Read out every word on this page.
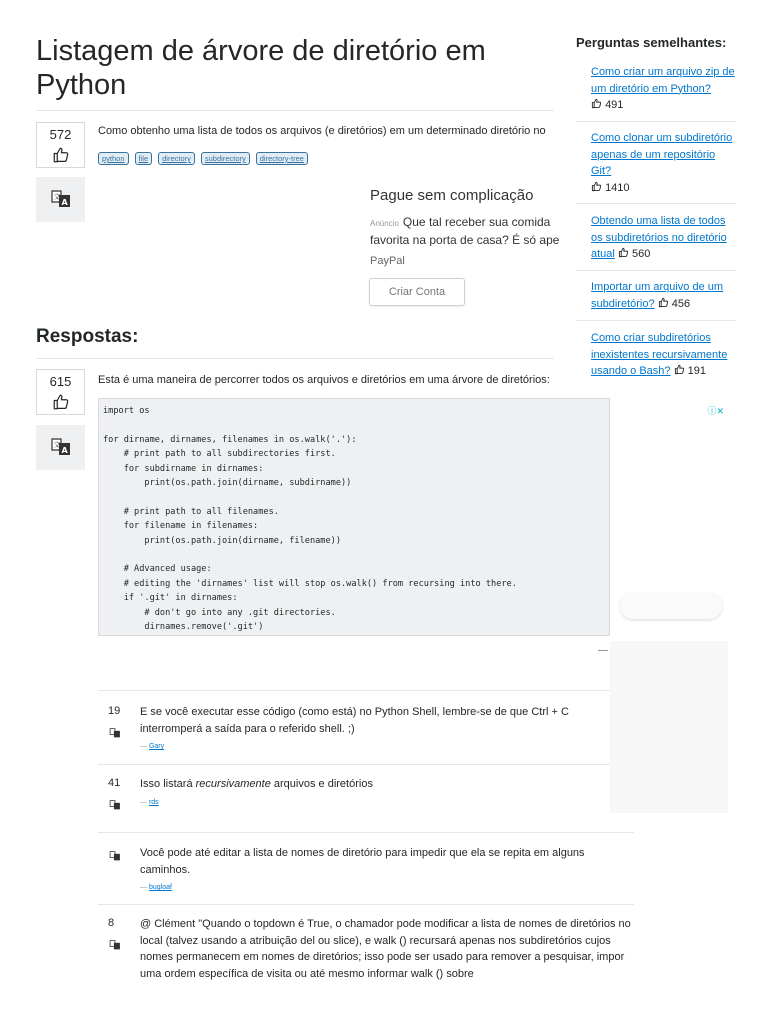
Listagem de árvore de diretório em Python
572
文
A
Como obtenho uma lista de todos os arquivos (e diretórios) em um determinado diretório no
python	file	directory	subdirectory	directory-tree
Pague sem complicação
Anúncio Que tal receber sua comida favorita na porta de casa? É só ape
PayPal
Criar Conta
Respostas:
615
文
A
Esta é uma maneira de percorrer todos os arquivos e diretórios em uma árvore de diretórios:
import os

for dirname, dirnames, filenames in os.walk('.'):
# print path to all subdirectories first.
for subdirname in dirnames:
print(os.path.join(dirname, subdirname))

# print path to all filenames.
for filename in filenames:
print(os.path.join(dirname, filename))

# Advanced usage:
# editing the 'dirnames' list will stop os.walk() from recursing into there.
if '.git' in dirnames:
# don't go into any .git directories.
dirnames.remove('.git')
19 E se você executar esse código (como está) no Python Shell, lembre-se de que Ctrl + C interromperá a saída para o referido shell. ;)
— Gary
41 Isso listará recursivamente arquivos e diretórios
— rds
Você pode até editar a lista de nomes de diretório para impedir que ela se repita em alguns caminhos.
— bugloaf
8 @ Clément "Quando o topdown é True, o chamador pode modificar a lista de nomes de diretórios no local (talvez usando a atribuição del ou slice), e walk () recursará apenas nos subdiretórios cujos nomes permanecem em nomes de diretórios; isso pode ser usado para remover a pesquisar, impor uma ordem específica de visita ou até mesmo informar walk () sobre
Perguntas semelhantes:
Como criar um arquivo zip de um diretório em Python?  491
Como clonar um subdiretório apenas de um repositório Git?
1410
Obtendo uma lista de todos os subdiretórios no diretório atual 560
Importar um arquivo de um subdiretório? 456
Como criar subdiretórios inexistentes recursivamente usando o Bash? 191
ⓘ✕
